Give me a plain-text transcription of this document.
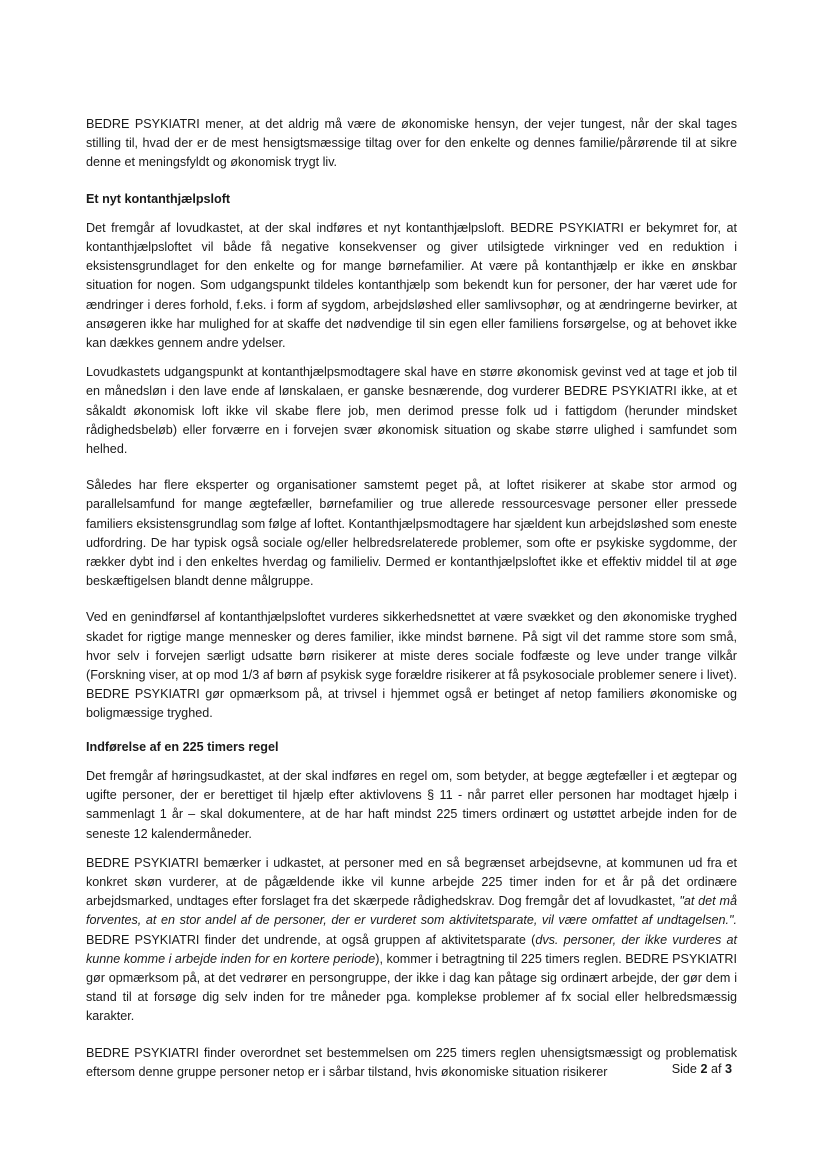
BEDRE PSYKIATRI mener, at det aldrig må være de økonomiske hensyn, der vejer tungest, når der skal tages stilling til, hvad der er de mest hensigtsmæssige tiltag over for den enkelte og dennes familie/pårørende til at sikre denne et meningsfyldt og økonomisk trygt liv.

Et nyt kontanthjælpsloft

Det fremgår af lovudkastet, at der skal indføres et nyt kontanthjælpsloft. BEDRE PSYKIATRI er bekymret for, at kontanthjælpsloftet vil både få negative konsekvenser og giver utilsigtede virkninger ved en reduktion i eksistensgrundlaget for den enkelte og for mange børnefamilier. At være på kontanthjælp er ikke en ønskbar situation for nogen. Som udgangspunkt tildeles kontanthjælp som bekendt kun for personer, der har været ude for ændringer i deres forhold, f.eks. i form af sygdom, arbejdsløshed eller samlivsophør, og at ændringerne bevirker, at ansøgeren ikke har mulighed for at skaffe det nødvendige til sin egen eller familiens forsørgelse, og at behovet ikke kan dækkes gennem andre ydelser.

Lovudkastets udgangspunkt at kontanthjælpsmodtagere skal have en større økonomisk gevinst ved at tage et job til en månedsløn i den lave ende af lønskalaen, er ganske besnærende, dog vurderer BEDRE PSYKIATRI ikke, at et såkaldt økonomisk loft ikke vil skabe flere job, men derimod presse folk ud i fattigdom (herunder mindsket rådighedsbeløb) eller forværre en i forvejen svær økonomisk situation og skabe større ulighed i samfundet som helhed.

Således har flere eksperter og organisationer samstemt peget på, at loftet risikerer at skabe stor armod og parallelsamfund for mange ægtefæller, børnefamilier og true allerede ressourcesvage personer eller pressede familiers eksistensgrundlag som følge af loftet. Kontanthjælpsmodtagere har sjældent kun arbejdsløshed som eneste udfordring. De har typisk også sociale og/eller helbredsrelaterede problemer, som ofte er psykiske sygdomme, der rækker dybt ind i den enkeltes hverdag og familieliv. Dermed er kontanthjælpsloftet ikke et effektiv middel til at øge beskæftigelsen blandt denne målgruppe.

Ved en genindførsel af kontanthjælpsloftet vurderes sikkerhedsnettet at være svækket og den økonomiske tryghed skadet for rigtige mange mennesker og deres familier, ikke mindst børnene. På sigt vil det ramme store som små, hvor selv i forvejen særligt udsatte børn risikerer at miste deres sociale fodfæste og leve under trange vilkår (Forskning viser, at op mod 1/3 af børn af psykisk syge forældre risikerer at få psykosociale problemer senere i livet). BEDRE PSYKIATRI gør opmærksom på, at trivsel i hjemmet også er betinget af netop familiers økonomiske og boligmæssige tryghed.

Indførelse af en 225 timers regel

Det fremgår af høringsudkastet, at der skal indføres en regel om, som betyder, at begge ægtefæller i et ægtepar og ugifte personer, der er berettiget til hjælp efter aktivlovens § 11 - når parret eller personen har modtaget hjælp i sammenlagt 1 år – skal dokumentere, at de har haft mindst 225 timers ordinært og ustøttet arbejde inden for de seneste 12 kalendermåneder.

BEDRE PSYKIATRI bemærker i udkastet, at personer med en så begrænset arbejdsevne, at kommunen ud fra et konkret skøn vurderer, at de pågældende ikke vil kunne arbejde 225 timer inden for et år på det ordinære arbejdsmarked, undtages efter forslaget fra det skærpede rådighedskrav. Dog fremgår det af lovudkastet, "at det må forventes, at en stor andel af de personer, der er vurderet som aktivitetsparate, vil være omfattet af undtagelsen.". BEDRE PSYKIATRI finder det undrende, at også gruppen af aktivitetsparate (dvs. personer, der ikke vurderes at kunne komme i arbejde inden for en kortere periode), kommer i betragtning til 225 timers reglen. BEDRE PSYKIATRI gør opmærksom på, at det vedrører en persongruppe, der ikke i dag kan påtage sig ordinært arbejde, der gør dem i stand til at forsøge dig selv inden for tre måneder pga. komplekse problemer af fx social eller helbredsmæssig karakter.

BEDRE PSYKIATRI finder overordnet set bestemmelsen om 225 timers reglen uhensigtsmæssigt og problematisk eftersom denne gruppe personer netop er i sårbar tilstand, hvis økonomiske situation risikerer	Side 2 af 3
